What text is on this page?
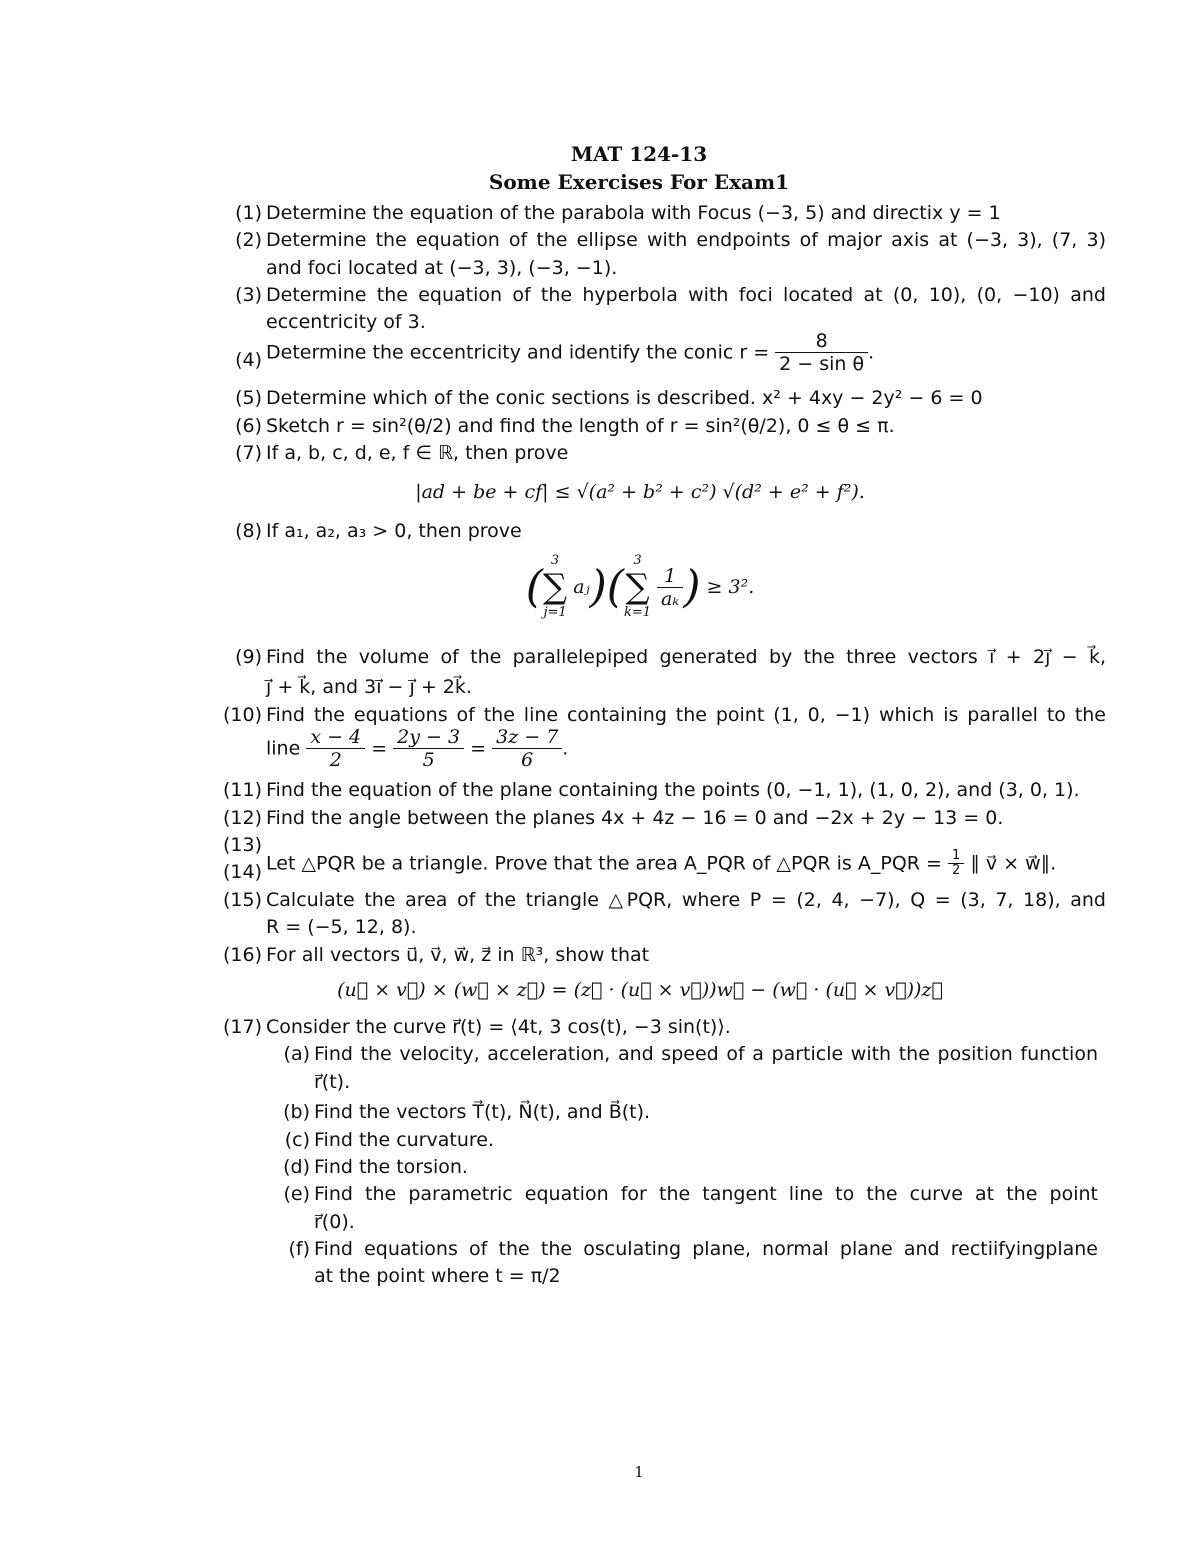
MAT 124-13
Some Exercises For Exam1
(1) Determine the equation of the parabola with Focus (−3, 5) and directix y = 1
(2) Determine the equation of the ellipse with endpoints of major axis at (−3, 3), (7, 3)
and foci located at (−3, 3), (−3, −1).
(3) Determine the equation of the hyperbola with foci located at (0, 10), (0, −10) and
eccentricity of 3.
(4) Determine the eccentricity and identify the conic $r = \frac{8}{\text{2 − sin θ}}$ .
(5) Determine which of the conic sections is described. x² + 4xy − 2y² − 6 = 0
(6) Sketch r = sin²(θ/2) and find the length of r = sin²(θ/2), 0 ≤ θ ≤ π.
(7) If a, b, c, d, e, f ∈ ℝ, then prove
|ad + be + cf| ≤ √(a² + b² + c²) √(d² + e² + f²).
(8) If a₁, a₂, a₃ > 0, then prove
(
3
∑
j=1
aⱼ)(
3
∑
k=1

$\frac{1}{\text{aₖ}}$ ) ≥ 3².
(9) Find the volume of the parallelepiped generated by the three vectors i⃗ + 2j⃗ − k⃗,
j⃗ + k⃗, and 3i⃗ − j⃗ + 2k⃗.
(10) Find the equations of the line containing the point (1, 0, −1) which is parallel to the
line $\frac{x - 4}{2} = \frac{2y - 3}{5} = \frac{3z - 7}{6}$ .
(11) Find the equation of the plane containing the points (0, −1, 1), (1, 0, 2), and (3, 0, 1).
(12) Find the angle between the planes 4x + 4z − 16 = 0 and −2x + 2y − 13 = 0.
(13)
(14) Let △PQR be a triangle. Prove that the area A_PQR of △PQR is A_PQR = $\frac{1}{2}$ ∥ v⃗ × w⃗∥.
(15) Calculate the area of the triangle △PQR, where P = (2, 4, −7), Q = (3, 7, 18), and
R = (−5, 12, 8).
(16) For all vectors u⃗, v⃗, w⃗, z⃗ in ℝ³, show that
(u⃗ × v⃗) × (w⃗ × z⃗) = (z⃗ · (u⃗ × v⃗))w⃗ − (w⃗ · (u⃗ × v⃗))z⃗
(17) Consider the curve r⃗(t) = ⟨4t, 3 cos(t), −3 sin(t)⟩.
(a) Find the velocity, acceleration, and speed of a particle with the position function
r⃗(t).
(b) Find the vectors T⃗(t), N⃗(t), and B⃗(t).
(c) Find the curvature.
(d) Find the torsion.
(e) Find the parametric equation for the tangent line to the curve at the point
r⃗(0).
(f) Find equations of the the osculating plane, normal plane and rectiifyingplane
at the point where t = π/2
1
